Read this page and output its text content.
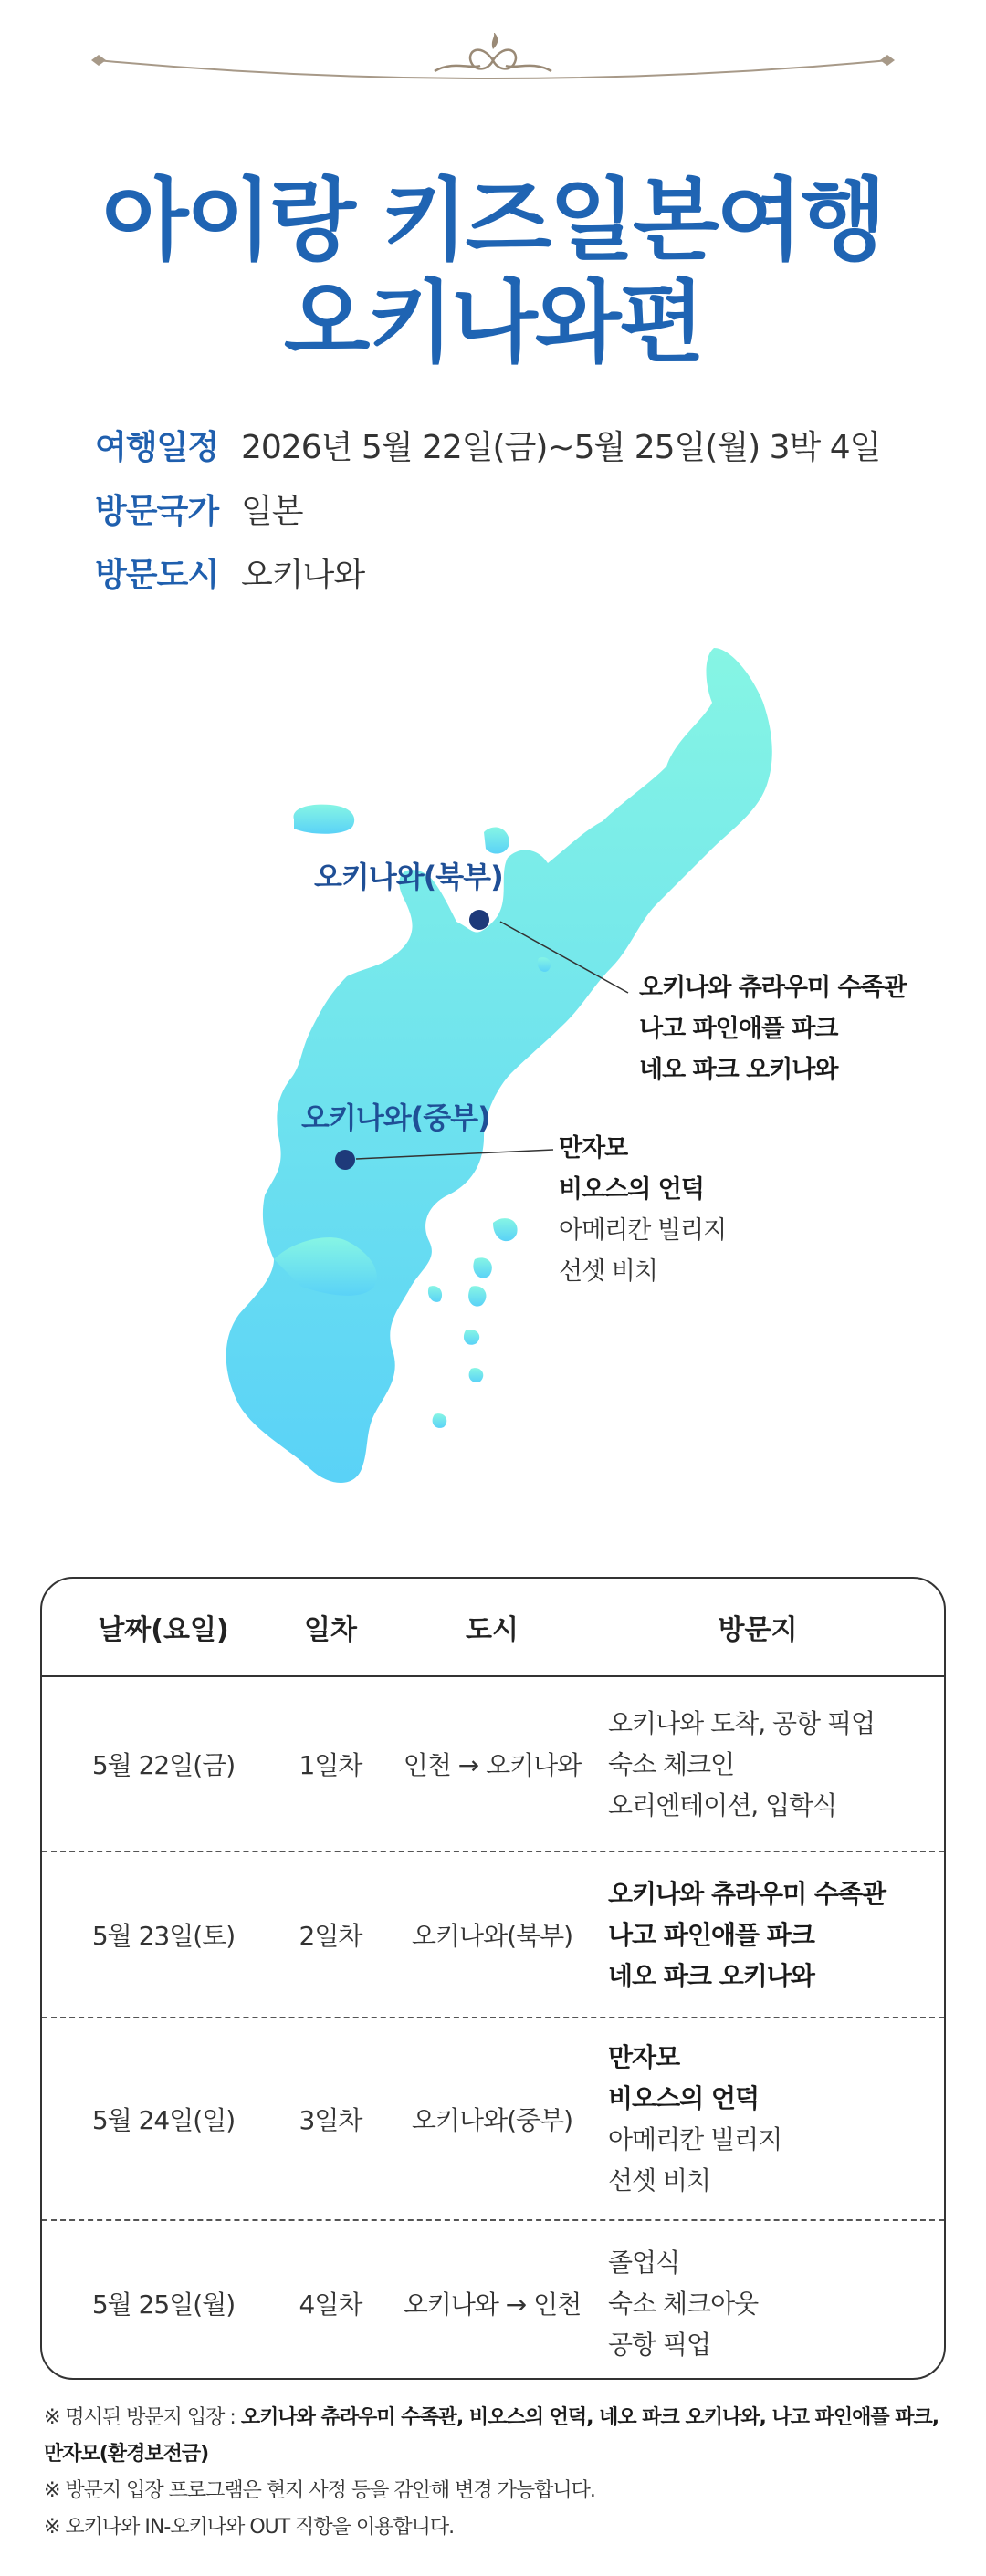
아이랑 키즈일본여행
오키나와편
여행일정 2026년 5월 22일(금)~5월 25일(월) 3박 4일
방문국가 일본
방문도시 오키나와
오키나와(북부)
오키나와 츄라우미 수족관
나고 파인애플 파크
네오 파크 오키나와
오키나와(중부)
만자모
비오스의 언덕
아메리칸 빌리지
선셋 비치
날짜(요일)	일차	도시	방문지
5월 22일(금)	1일차	인천 → 오키나와
오키나와 도착, 공항 픽업
숙소 체크인
오리엔테이션, 입학식
5월 23일(토)	2일차	오키나와(북부)
오키나와 츄라우미 수족관
나고 파인애플 파크
네오 파크 오키나와
5월 24일(일)	3일차	오키나와(중부)
만자모
비오스의 언덕
아메리칸 빌리지
선셋 비치
5월 25일(월)	4일차	오키나와 → 인천
졸업식
숙소 체크아웃
공항 픽업
※ 명시된 방문지 입장 : 오키나와 츄라우미 수족관, 비오스의 언덕, 네오 파크 오키나와, 나고 파인애플 파크, 만자모(환경보전금)
※ 방문지 입장 프로그램은 현지 사정 등을 감안해 변경 가능합니다.
※ 오키나와 IN-오키나와 OUT 직항을 이용합니다.
